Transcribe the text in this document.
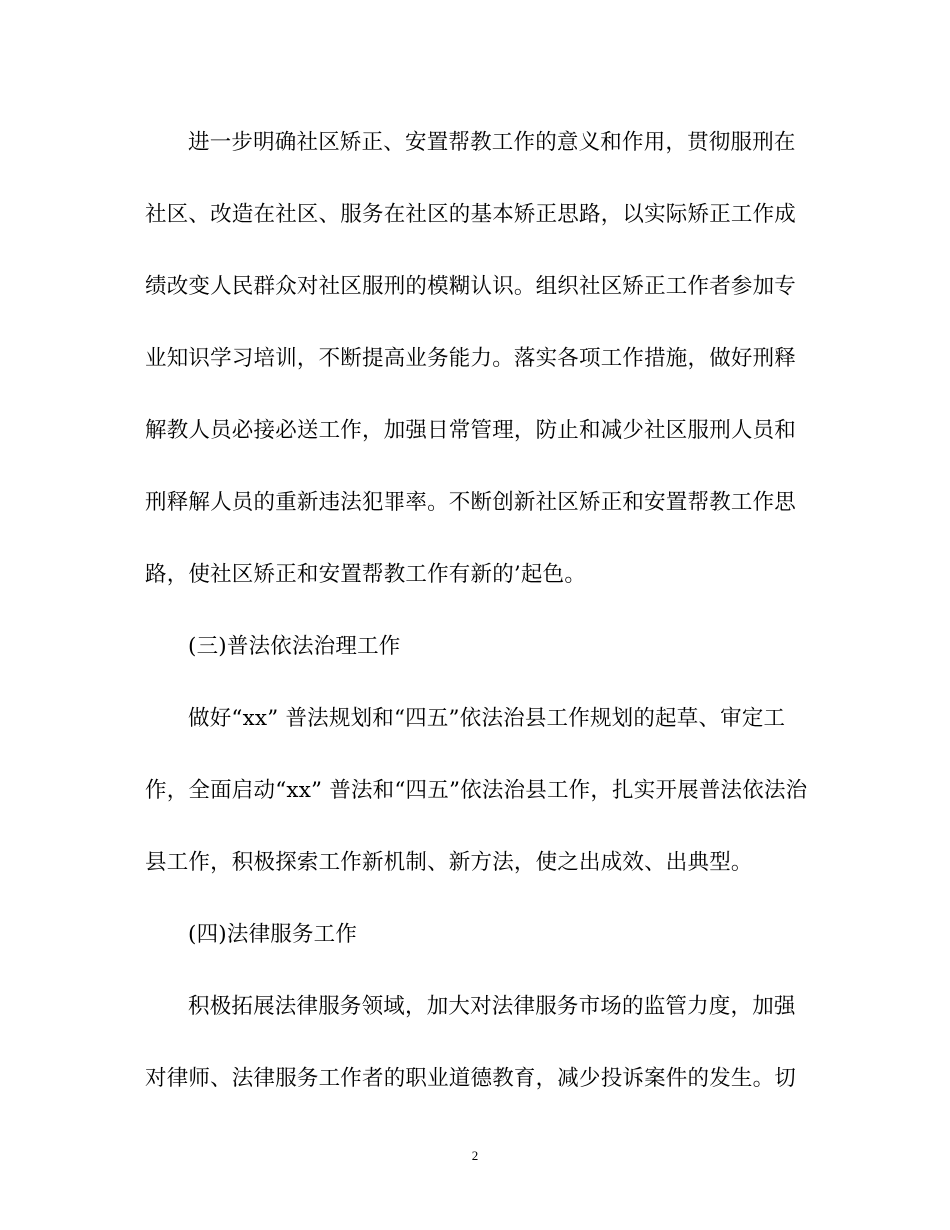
进一步明确社区矫正、安置帮教工作的意义和作用，贯彻服刑在
社区、改造在社区、服务在社区的基本矫正思路，以实际矫正工作成
绩改变人民群众对社区服刑的模糊认识。组织社区矫正工作者参加专
业知识学习培训，不断提高业务能力。落实各项工作措施，做好刑释
解教人员必接必送工作，加强日常管理，防止和减少社区服刑人员和
刑释解人员的重新违法犯罪率。不断创新社区矫正和安置帮教工作思
路，使社区矫正和安置帮教工作有新的’起色。
(三)普法依法治理工作
做好“xx” 普法规划和“四五”依法治县工作规划的起草、审定工
作，全面启动“xx” 普法和“四五”依法治县工作，扎实开展普法依法治
县工作，积极探索工作新机制、新方法，使之出成效、出典型。
(四)法律服务工作
积极拓展法律服务领域，加大对法律服务市场的监管力度，加强
对律师、法律服务工作者的职业道德教育，减少投诉案件的发生。切
2
